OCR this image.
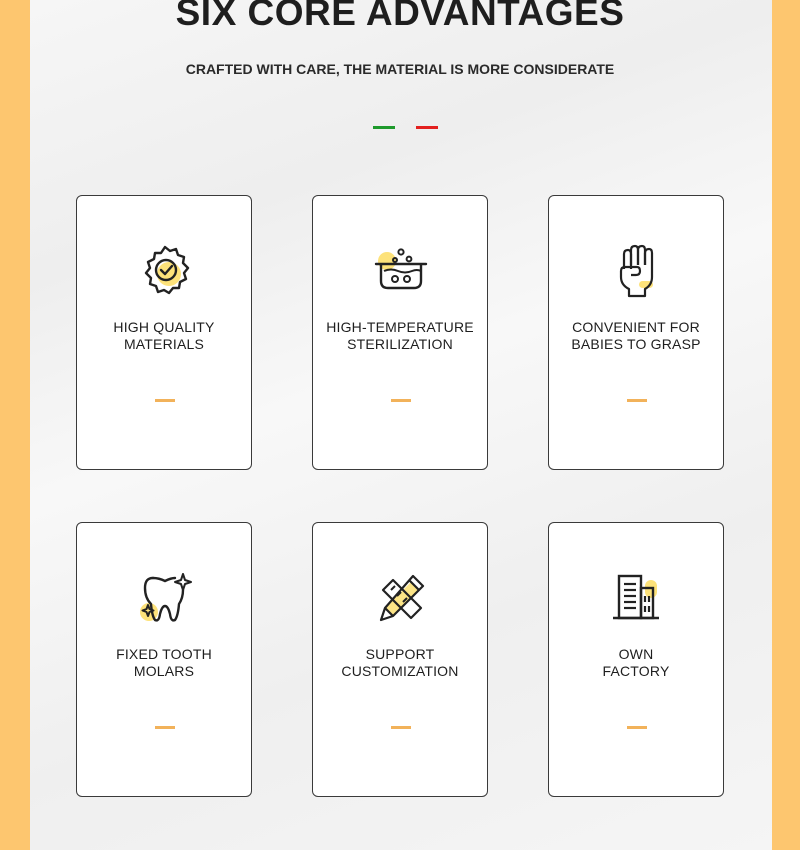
SIX CORE ADVANTAGES
CRAFTED WITH CARE, THE MATERIAL IS MORE CONSIDERATE
HIGH QUALITY
MATERIALS
HIGH-TEMPERATURE
STERILIZATION
CONVENIENT FOR
BABIES TO GRASP
FIXED TOOTH
MOLARS
SUPPORT
CUSTOMIZATION
OWN
FACTORY
